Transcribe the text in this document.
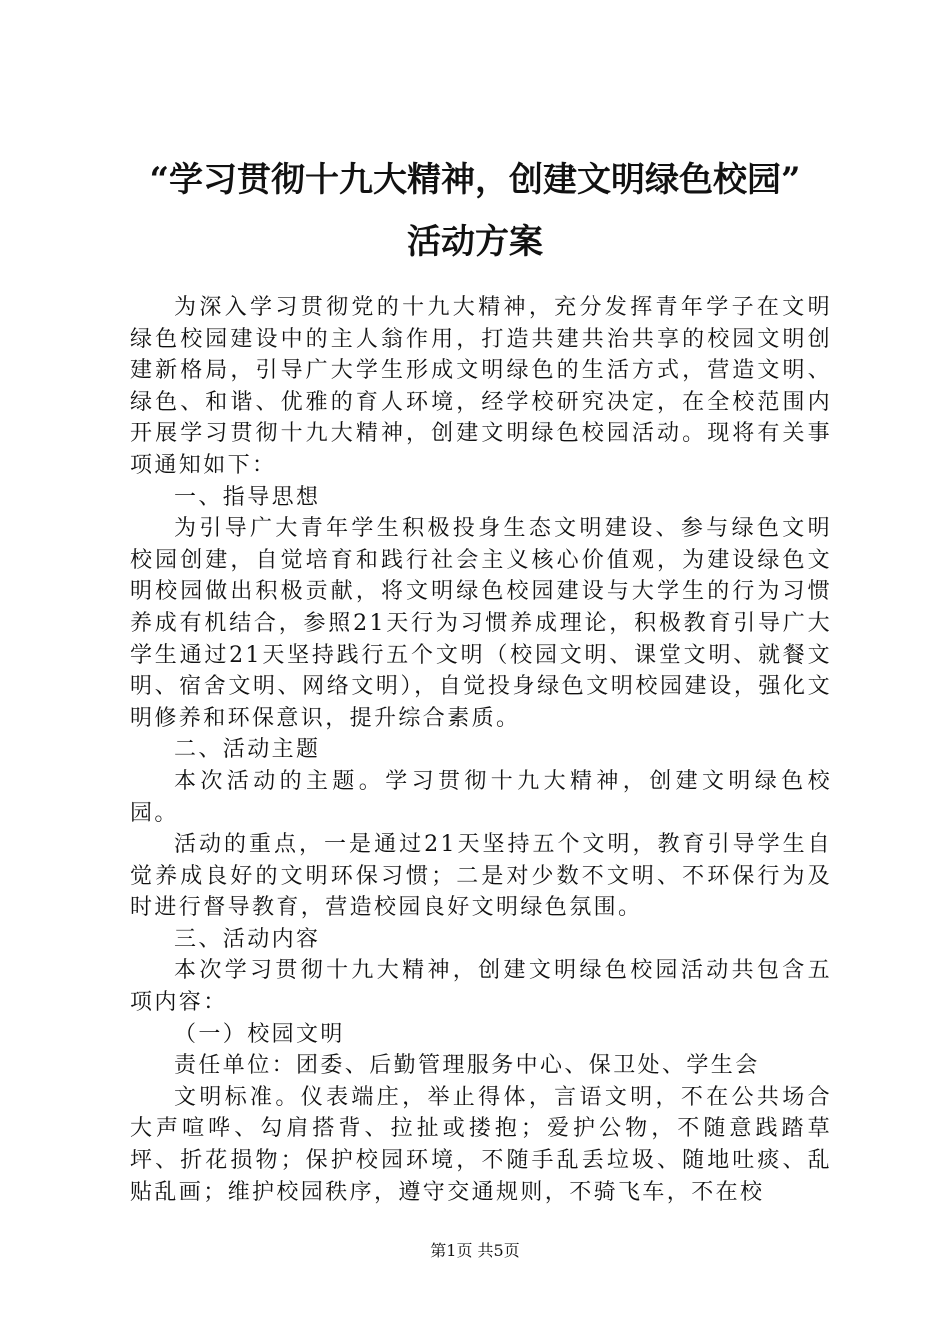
“学习贯彻十九大精神，创建文明绿色校园”
活动方案

为深入学习贯彻党的十九大精神，充分发挥青年学子在文明绿色校园建设中的主人翁作用，打造共建共治共享的校园文明创建新格局，引导广大学生形成文明绿色的生活方式，营造文明、绿色、和谐、优雅的育人环境，经学校研究决定，在全校范围内开展学习贯彻十九大精神，创建文明绿色校园活动。现将有关事项通知如下：

一、指导思想

为引导广大青年学生积极投身生态文明建设、参与绿色文明校园创建，自觉培育和践行社会主义核心价值观，为建设绿色文明校园做出积极贡献，将文明绿色校园建设与大学生的行为习惯养成有机结合，参照21天行为习惯养成理论，积极教育引导广大学生通过21天坚持践行五个文明（校园文明、课堂文明、就餐文明、宿舍文明、网络文明），自觉投身绿色文明校园建设，强化文明修养和环保意识，提升综合素质。

二、活动主题

本次活动的主题。学习贯彻十九大精神，创建文明绿色校园。

活动的重点，一是通过21天坚持五个文明，教育引导学生自觉养成良好的文明环保习惯；二是对少数不文明、不环保行为及时进行督导教育，营造校园良好文明绿色氛围。

三、活动内容

本次学习贯彻十九大精神，创建文明绿色校园活动共包含五项内容：

（一）校园文明

责任单位：团委、后勤管理服务中心、保卫处、学生会

文明标准。仪表端庄，举止得体，言语文明，不在公共场合大声喧哗、勾肩搭背、拉扯或搂抱；爱护公物，不随意践踏草坪、折花损物；保护校园环境，不随手乱丢垃圾、随地吐痰、乱贴乱画；维护校园秩序，遵守交通规则，不骑飞车，不在校

第1页 共5页
